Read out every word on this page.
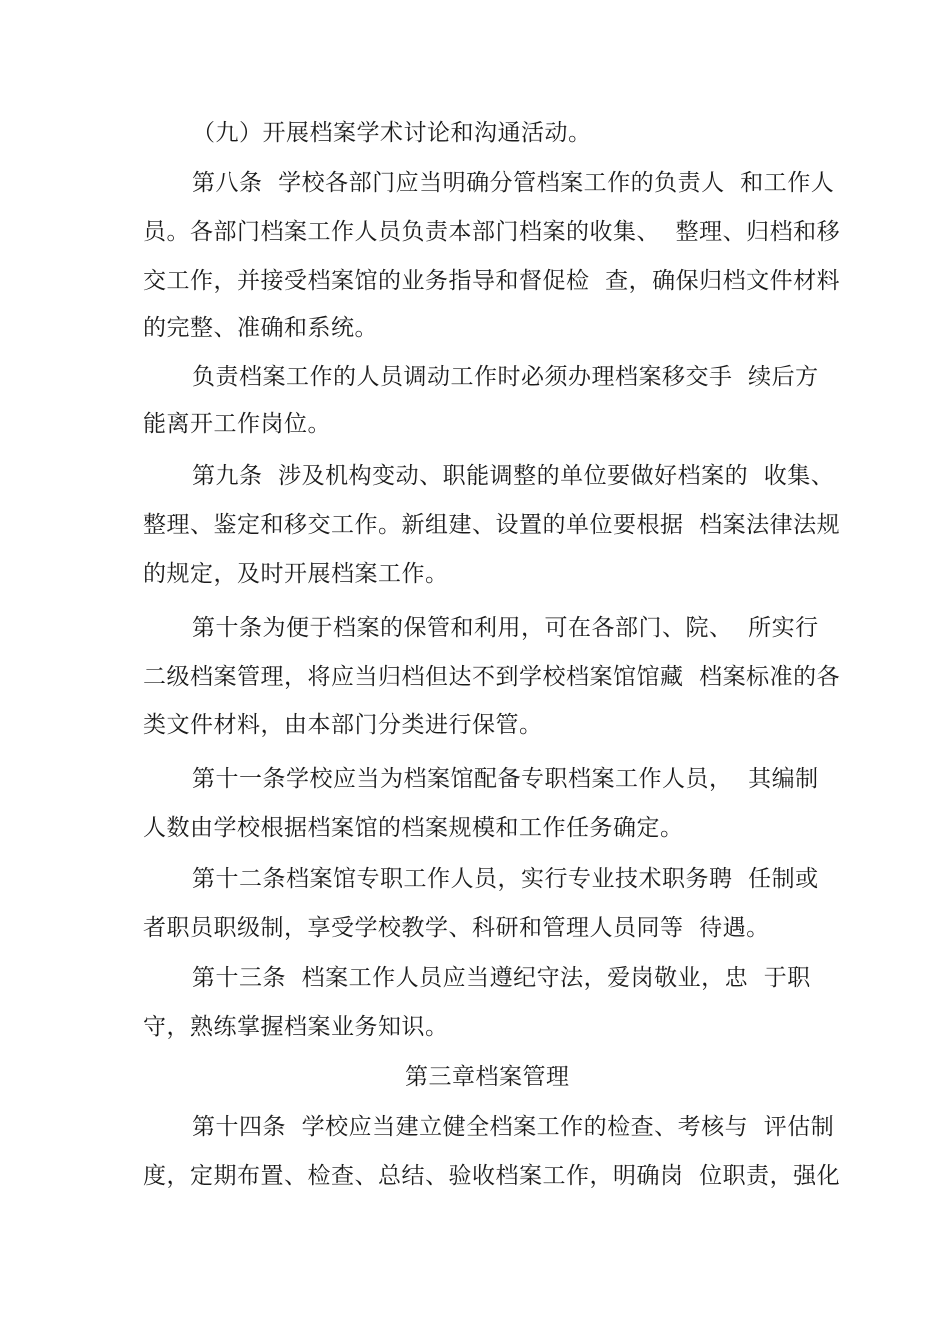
（九）开展档案学术讨论和沟通活动。
第八条  学校各部门应当明确分管档案工作的负责人  和工作人
员。各部门档案工作人员负责本部门档案的收集、  整理、归档和移
交工作，并接受档案馆的业务指导和督促检  查，确保归档文件材料
的完整、准确和系统。
负责档案工作的人员调动工作时必须办理档案移交手  续后方
能离开工作岗位。
第九条  涉及机构变动、职能调整的单位要做好档案的  收集、
整理、鉴定和移交工作。新组建、设置的单位要根据  档案法律法规
的规定，及时开展档案工作。
第十条为便于档案的保管和利用，可在各部门、院、  所实行
二级档案管理，将应当归档但达不到学校档案馆馆藏  档案标准的各
类文件材料，由本部门分类进行保管。
第十一条学校应当为档案馆配备专职档案工作人员，  其编制
人数由学校根据档案馆的档案规模和工作任务确定。
第十二条档案馆专职工作人员，实行专业技术职务聘  任制或
者职员职级制，享受学校教学、科研和管理人员同等  待遇。
第十三条  档案工作人员应当遵纪守法，爱岗敬业，忠  于职
守，熟练掌握档案业务知识。
第三章档案管理
第十四条  学校应当建立健全档案工作的检查、考核与  评估制
度，定期布置、检查、总结、验收档案工作，明确岗  位职责，强化
